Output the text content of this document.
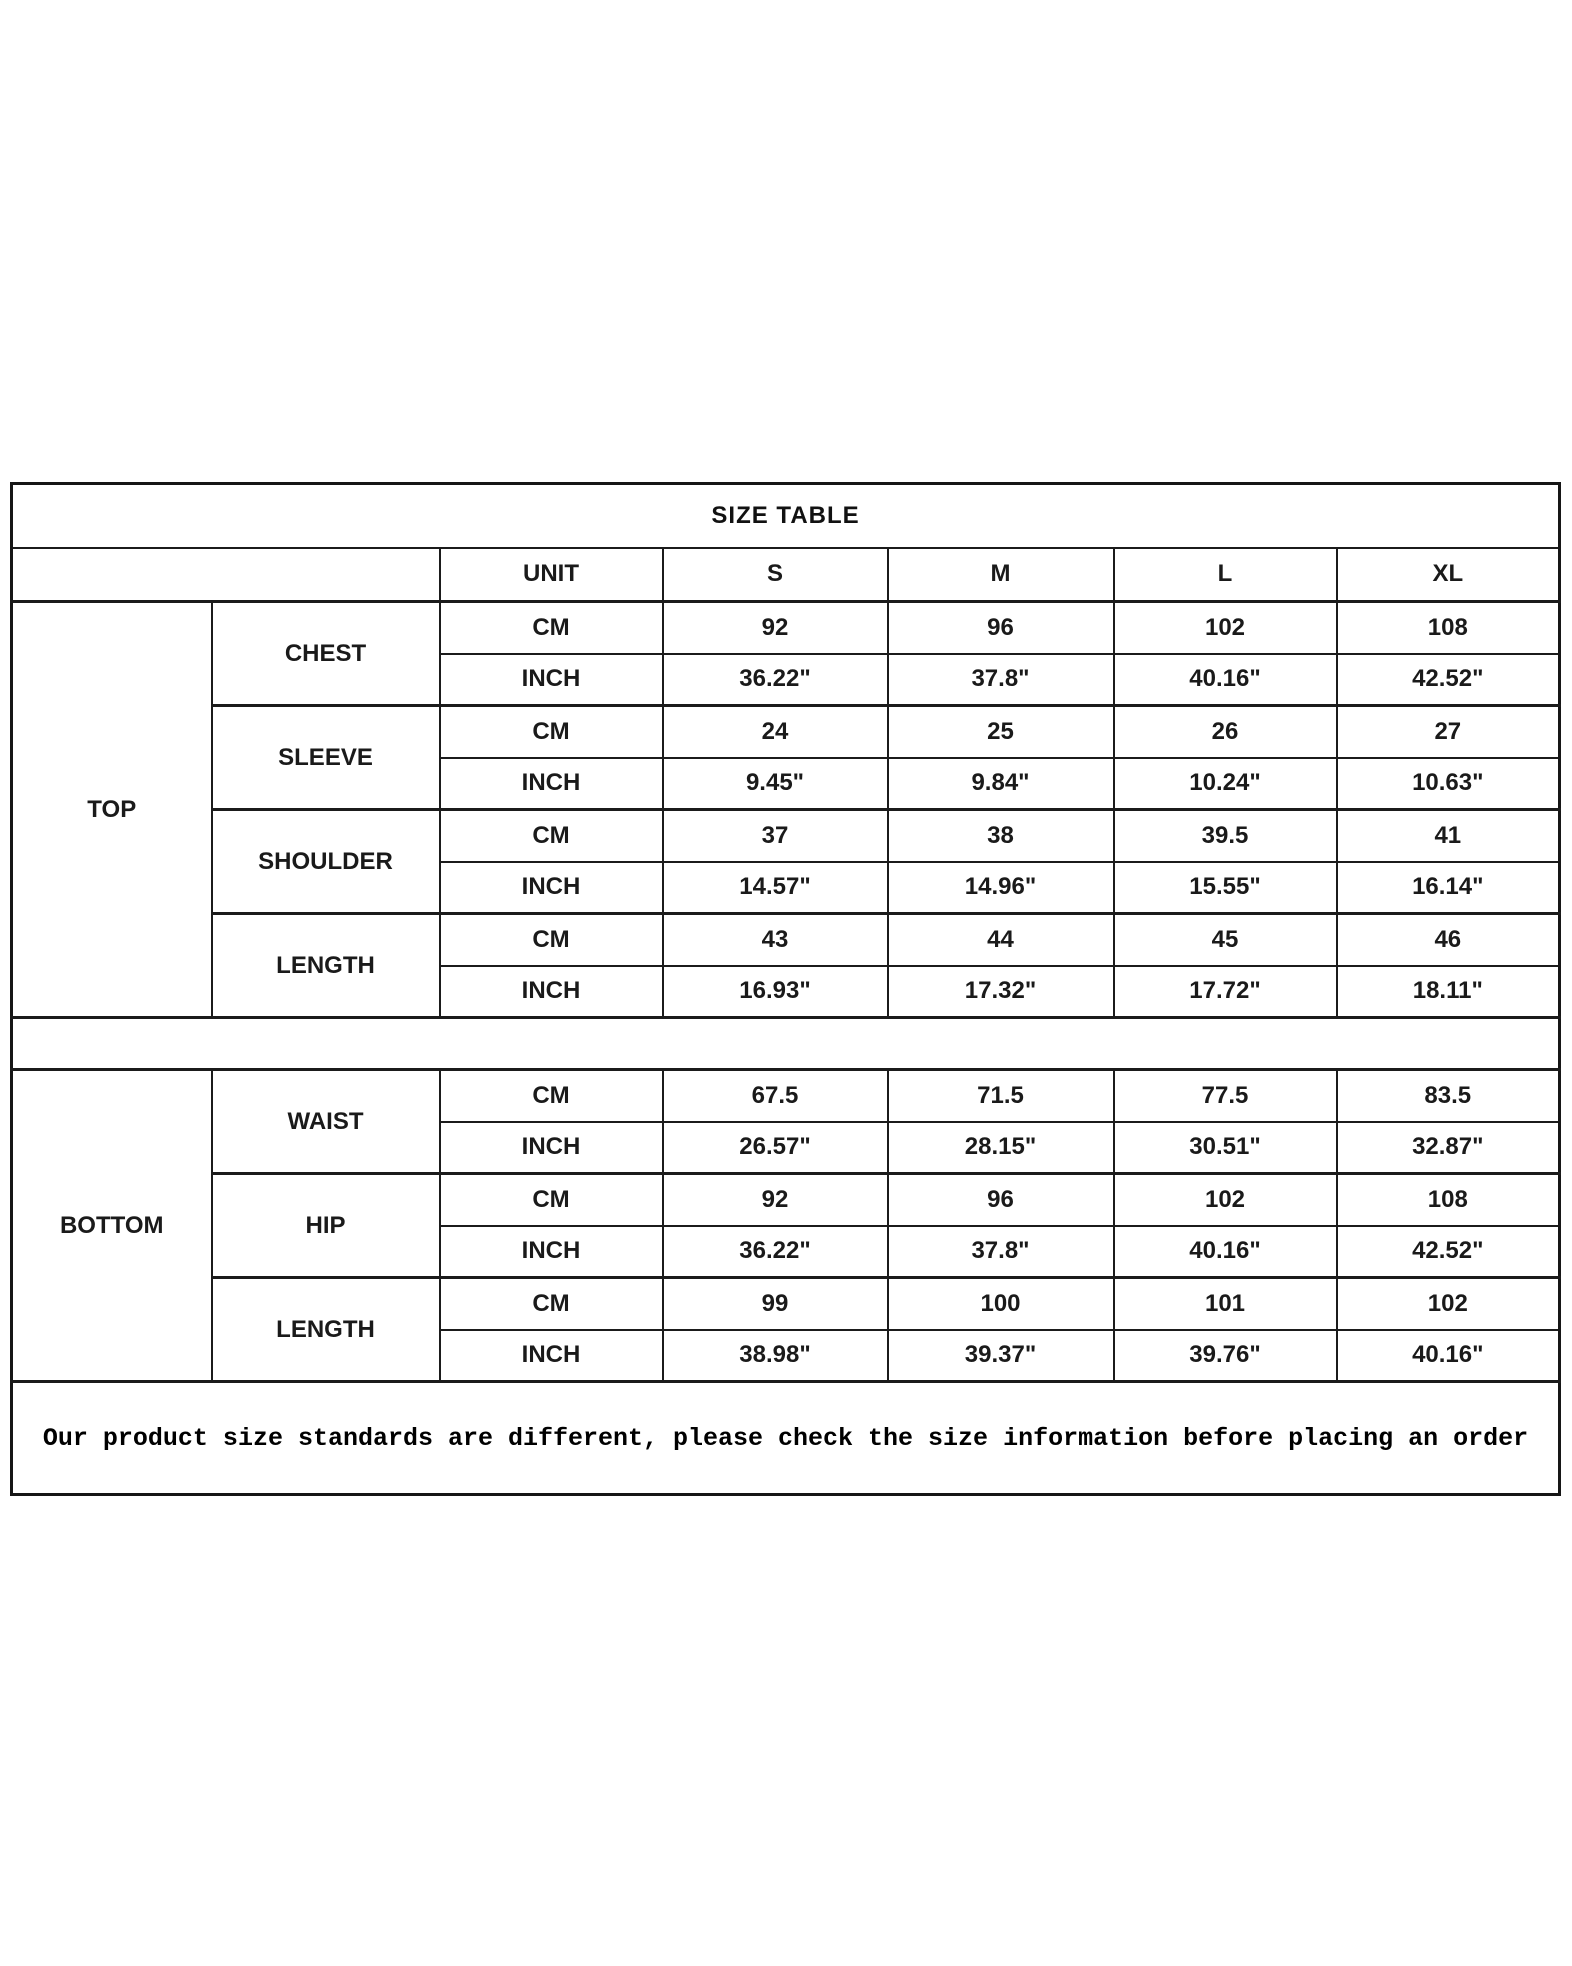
SIZE TABLE						
		UNIT	S	M	L	XL
TOP	CHEST	CM	92	96	102	108
		INCH	36.22"	37.8"	40.16"	42.52"
	SLEEVE	CM	24	25	26	27
		INCH	9.45"	9.84"	10.24"	10.63"
	SHOULDER	CM	37	38	39.5	41
		INCH	14.57"	14.96"	15.55"	16.14"
	LENGTH	CM	43	44	45	46
		INCH	16.93"	17.32"	17.72"	18.11"

BOTTOM	WAIST	CM	67.5	71.5	77.5	83.5
		INCH	26.57"	28.15"	30.51"	32.87"
	HIP	CM	92	96	102	108
		INCH	36.22"	37.8"	40.16"	42.52"
	LENGTH	CM	99	100	101	102
		INCH	38.98"	39.37"	39.76"	40.16"
Our product size standards are different, please check the size information before placing an order						
